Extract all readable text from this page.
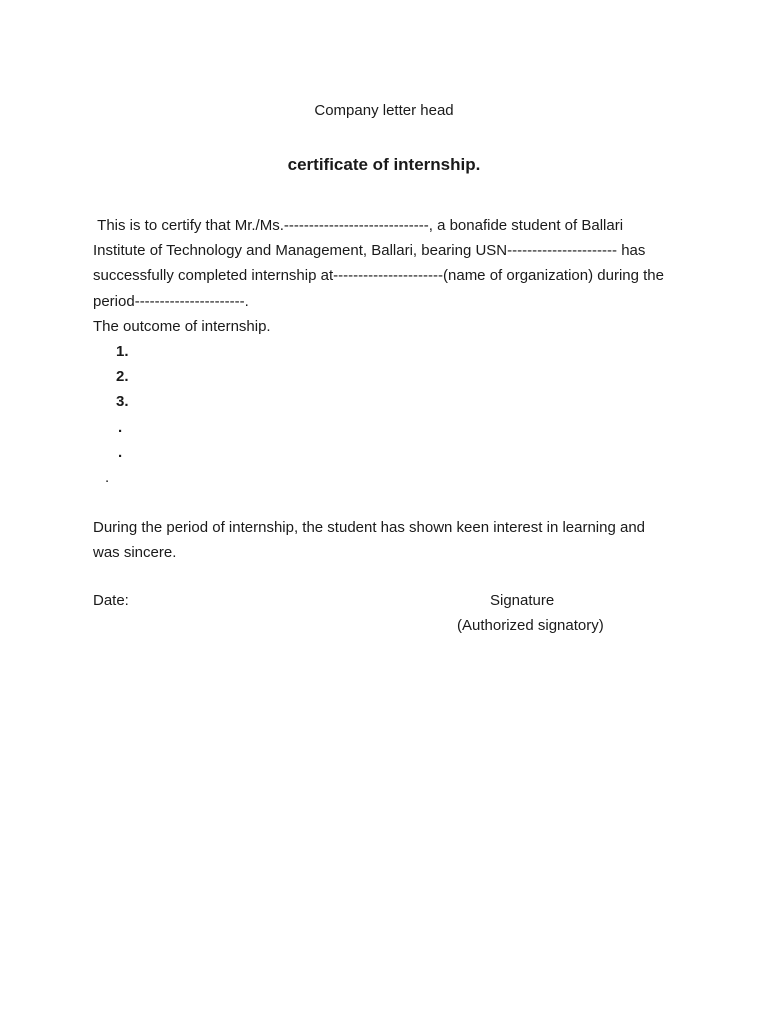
Company letter head
certificate of internship.

This is to certify that Mr./Ms.-----------------------------, a bonafide student of Ballari Institute of Technology and Management, Ballari, bearing USN---------------------- has successfully completed internship at----------------------(name of organization) during the period----------------------.

The outcome of internship.

1.
2.
3.
.
.
.

During the period of internship, the student has shown keen interest in learning and was sincere.

Date:	Signature
(Authorized signatory)
